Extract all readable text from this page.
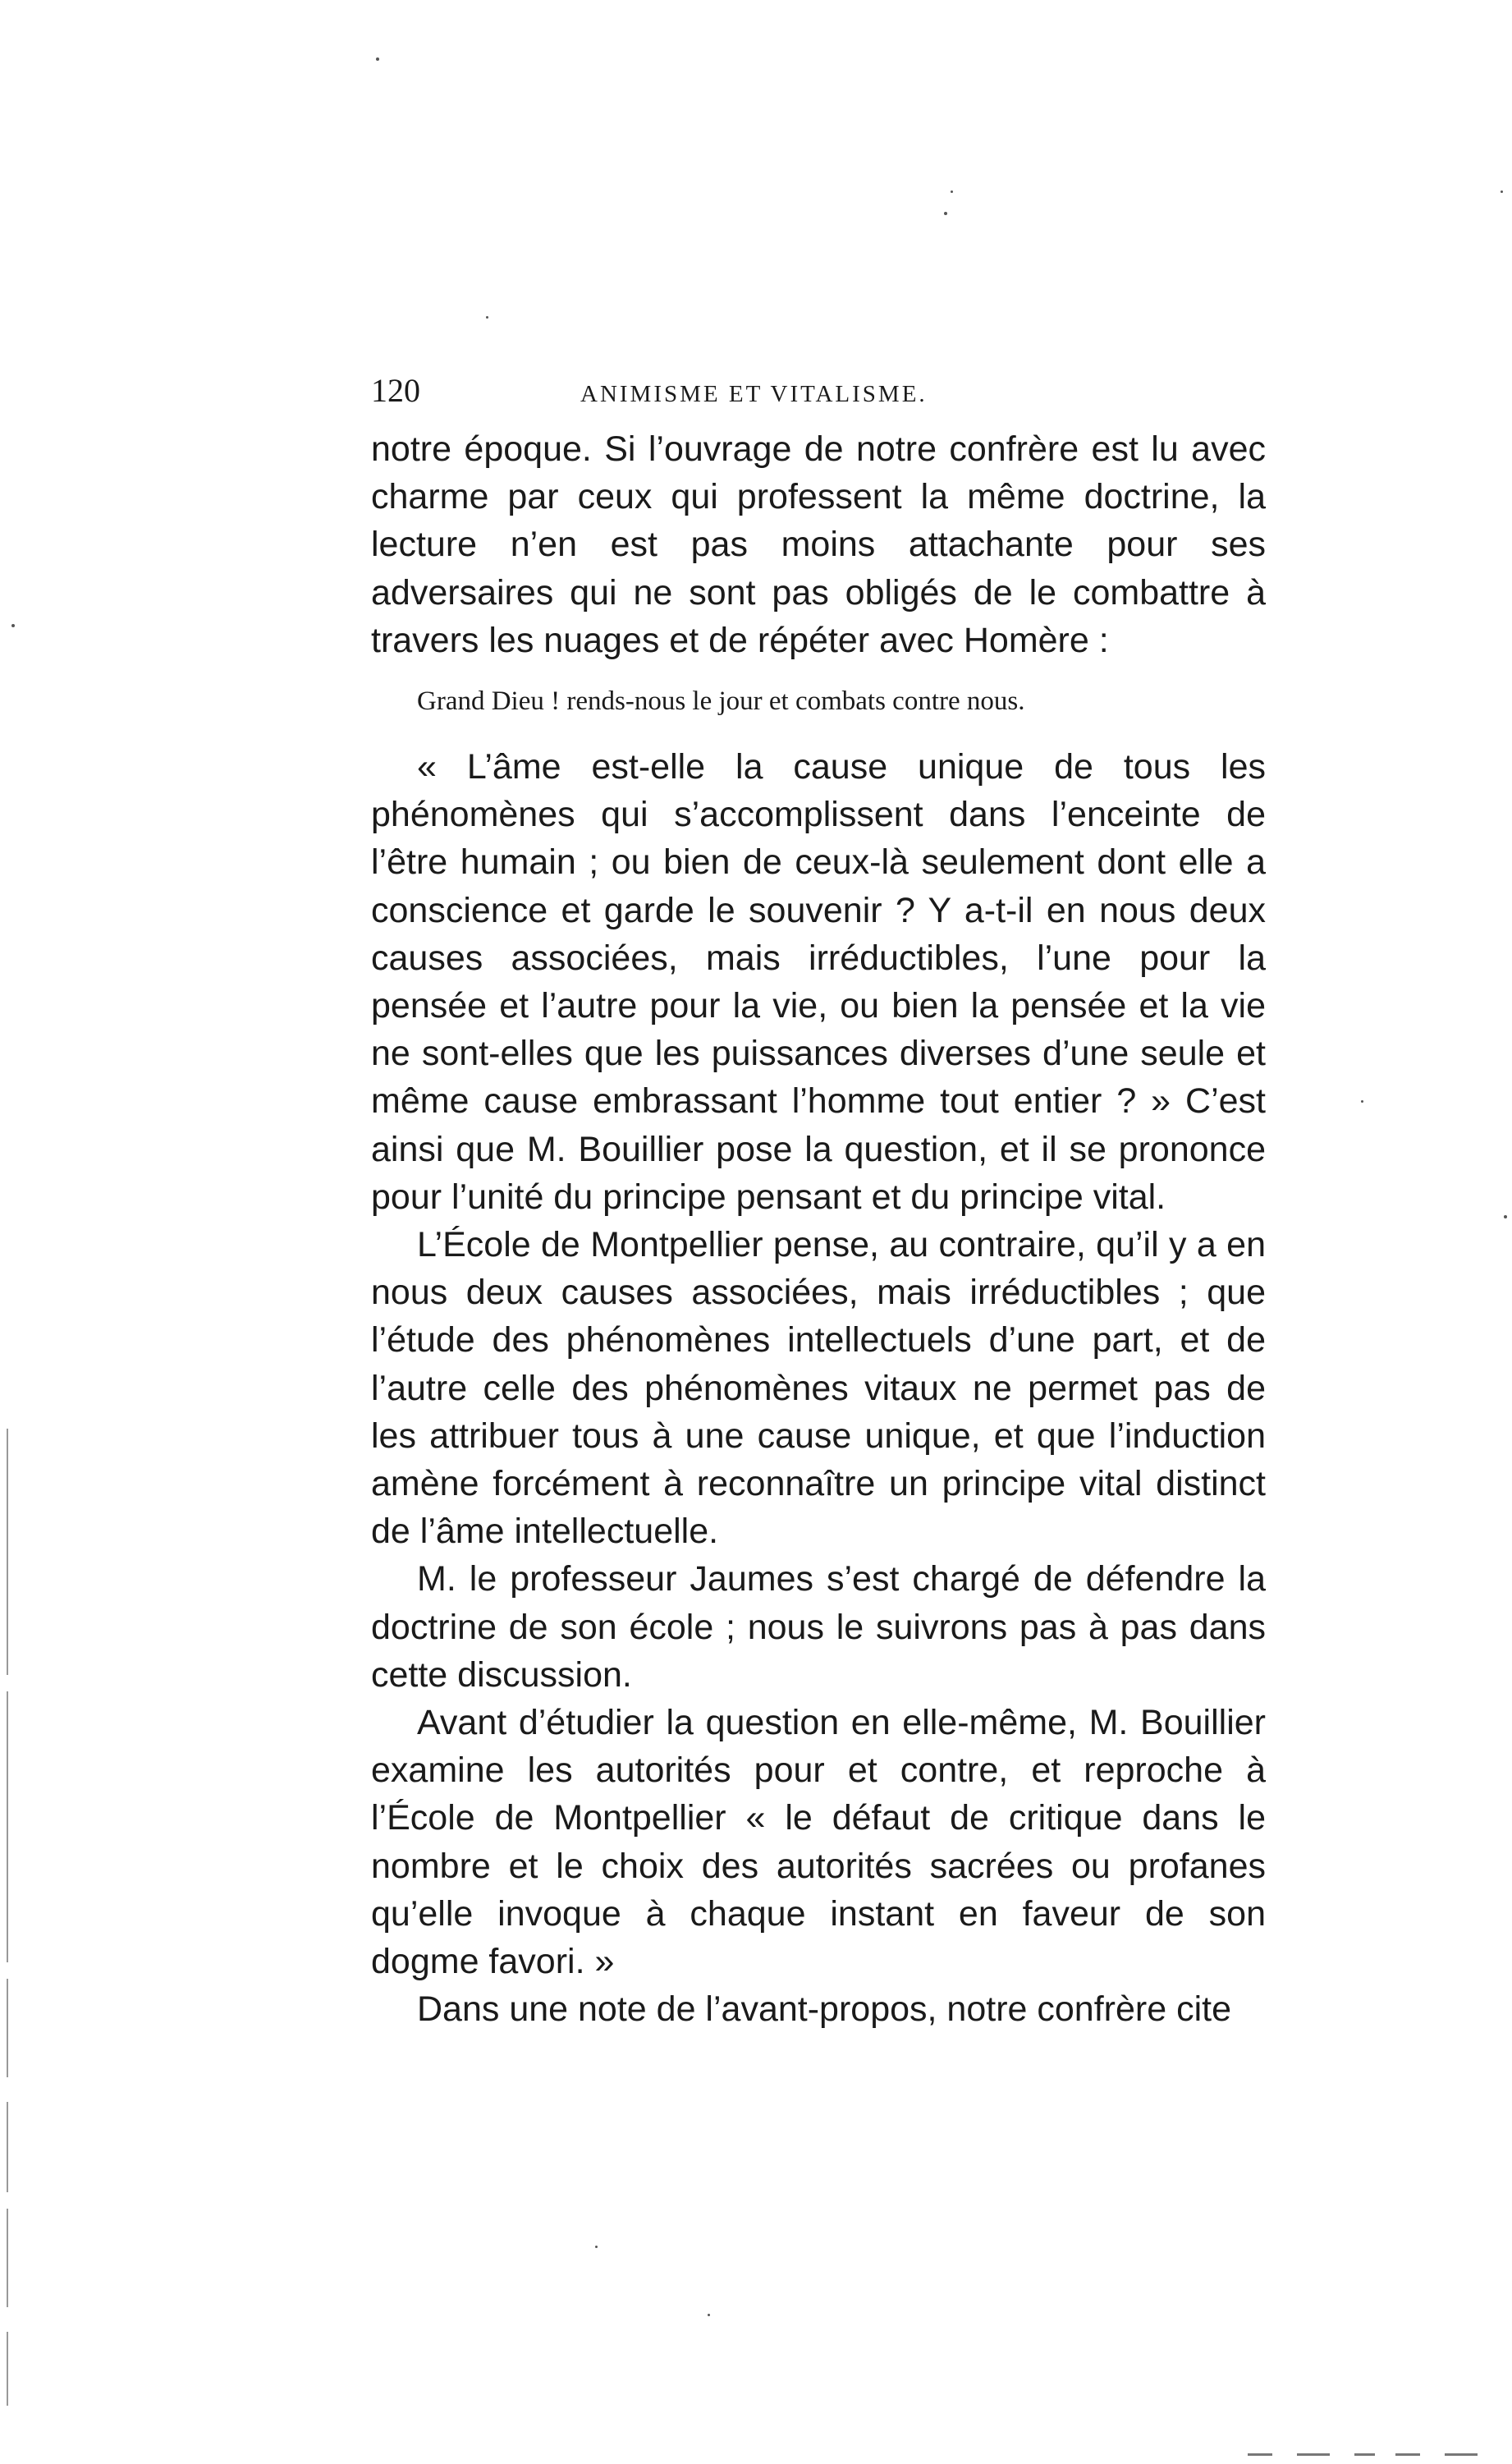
120	ANIMISME ET VITALISME.

notre époque. Si l’ouvrage de notre confrère est lu avec charme par ceux qui professent la même doctrine, la lecture n’en est pas moins attachante pour ses adversaires qui ne sont pas obligés de le combattre à travers les nuages et de répéter avec Homère :

Grand Dieu ! rends-nous le jour et combats contre nous.

« L’âme est-elle la cause unique de tous les phénomènes qui s’accomplissent dans l’enceinte de l’être humain ; ou bien de ceux-là seulement dont elle a conscience et garde le souvenir ? Y a-t-il en nous deux causes associées, mais irréductibles, l’une pour la pensée et l’autre pour la vie, ou bien la pensée et la vie ne sont-elles que les puissances diverses d’une seule et même cause embrassant l’homme tout entier ? » C’est ainsi que M. Bouillier pose la question, et il se prononce pour l’unité du principe pensant et du principe vital.

L’École de Montpellier pense, au contraire, qu’il y a en nous deux causes associées, mais irréductibles ; que l’étude des phénomènes intellectuels d’une part, et de l’autre celle des phénomènes vitaux ne permet pas de les attribuer tous à une cause unique, et que l’induction amène forcément à reconnaître un principe vital distinct de l’âme intellectuelle.

M. le professeur Jaumes s’est chargé de défendre la doctrine de son école ; nous le suivrons pas à pas dans cette discussion.

Avant d’étudier la question en elle-même, M. Bouillier examine les autorités pour et contre, et reproche à l’École de Montpellier « le défaut de critique dans le nombre et le choix des autorités sacrées ou profanes qu’elle invoque à chaque instant en faveur de son dogme favori. »

Dans une note de l’avant-propos, notre confrère cite
